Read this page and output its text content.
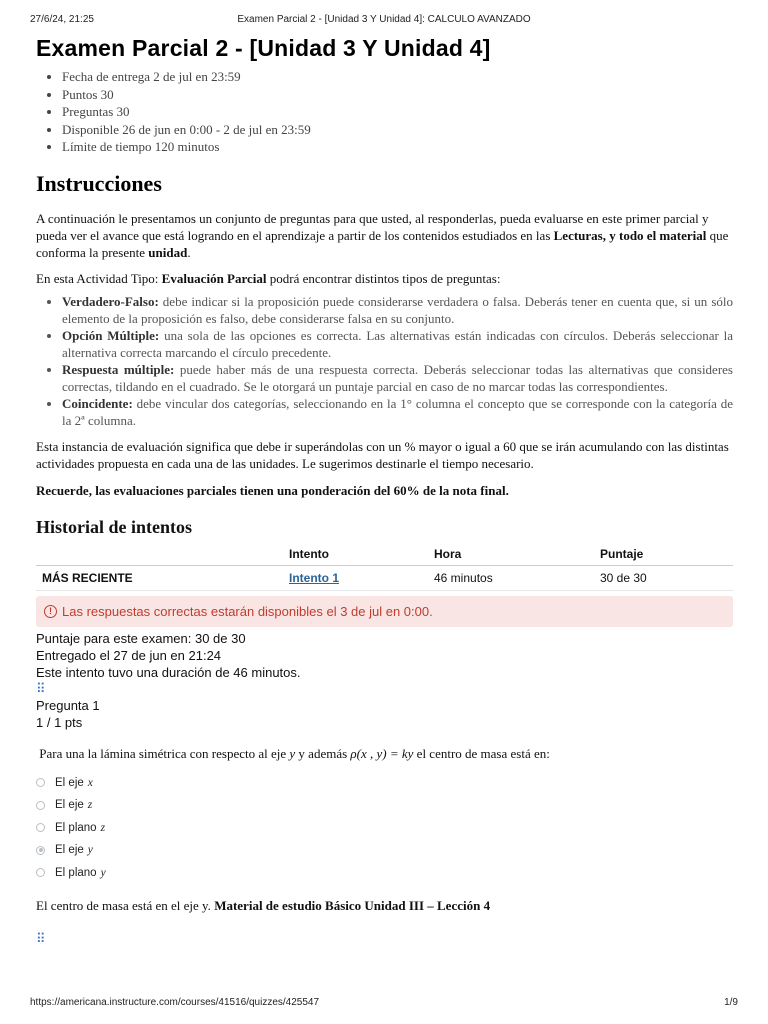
27/6/24, 21:25	Examen Parcial 2 - [Unidad 3 Y Unidad 4]: CALCULO AVANZADO
Examen Parcial 2 - [Unidad 3 Y Unidad 4]
• Fecha de entrega 2 de jul en 23:59
• Puntos 30
• Preguntas 30
• Disponible 26 de jun en 0:00 - 2 de jul en 23:59
• Límite de tiempo 120 minutos
Instrucciones

A continuación le presentamos un conjunto de preguntas para que usted, al responderlas, pueda evaluarse en este primer parcial y pueda ver el avance que está logrando en el aprendizaje a partir de los contenidos estudiados en las Lecturas, y todo el material que conforma la presente unidad.

En esta Actividad Tipo: Evaluación Parcial podrá encontrar distintos tipos de preguntas:

• Verdadero-Falso: debe indicar si la proposición puede considerarse verdadera o falsa. Deberás tener en cuenta que, si un sólo elemento de la proposición es falso, debe considerarse falsa en su conjunto.
• Opción Múltiple: una sola de las opciones es correcta. Las alternativas están indicadas con círculos. Deberás seleccionar la alternativa correcta marcando el círculo precedente.
• Respuesta múltiple: puede haber más de una respuesta correcta. Deberás seleccionar todas las alternativas que consideres correctas, tildando en el cuadrado. Se le otorgará un puntaje parcial en caso de no marcar todas las correspondientes.
• Coincidente: debe vincular dos categorías, seleccionando en la 1° columna el concepto que se corresponde con la categoría de la 2ª columna.

Esta instancia de evaluación significa que debe ir superándolas con un % mayor o igual a 60 que se irán acumulando con las distintas actividades propuesta en cada una de las unidades. Le sugerimos destinarle el tiempo necesario.

Recuerde, las evaluaciones parciales tienen una ponderación del 60% de la nota final.

Historial de intentos
	Intento	Hora	Puntaje
MÁS RECIENTE	Intento 1	46 minutos	30 de 30
! Las respuestas correctas estarán disponibles el 3 de jul en 0:00.
Puntaje para este examen: 30 de 30
Entregado el 27 de jun en 21:24
Este intento tuvo una duración de 46 minutos.
⠿
Pregunta 1
1 / 1 pts
Para una la lámina simétrica con respecto al eje y y además ρ(x , y) = ky el centro de masa está en:
El eje x
El eje z
El plano z
El eje y
El plano y
El centro de masa está en el eje y. Material de estudio Básico Unidad III – Lección 4
⠿
https://americana.instructure.com/courses/41516/quizzes/425547	1/9
